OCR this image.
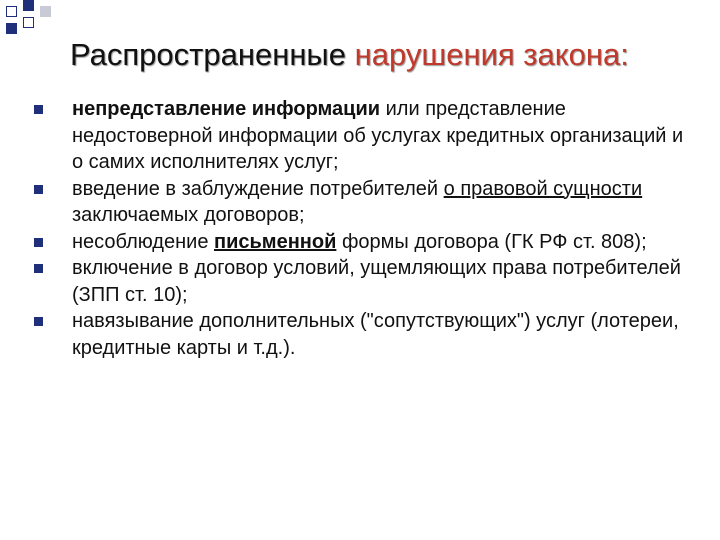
Распространенные нарушения закона:
непредставление информации или представление недостоверной информации об услугах кредитных организаций и о самих исполнителях услуг;
введение в заблуждение потребителей о правовой сущности заключаемых договоров;
несоблюдение письменной формы договора (ГК РФ ст. 808);
включение в договор условий, ущемляющих права потребителей (ЗПП ст. 10);
навязывание дополнительных ("сопутствующих") услуг (лотереи, кредитные карты и т.д.).
